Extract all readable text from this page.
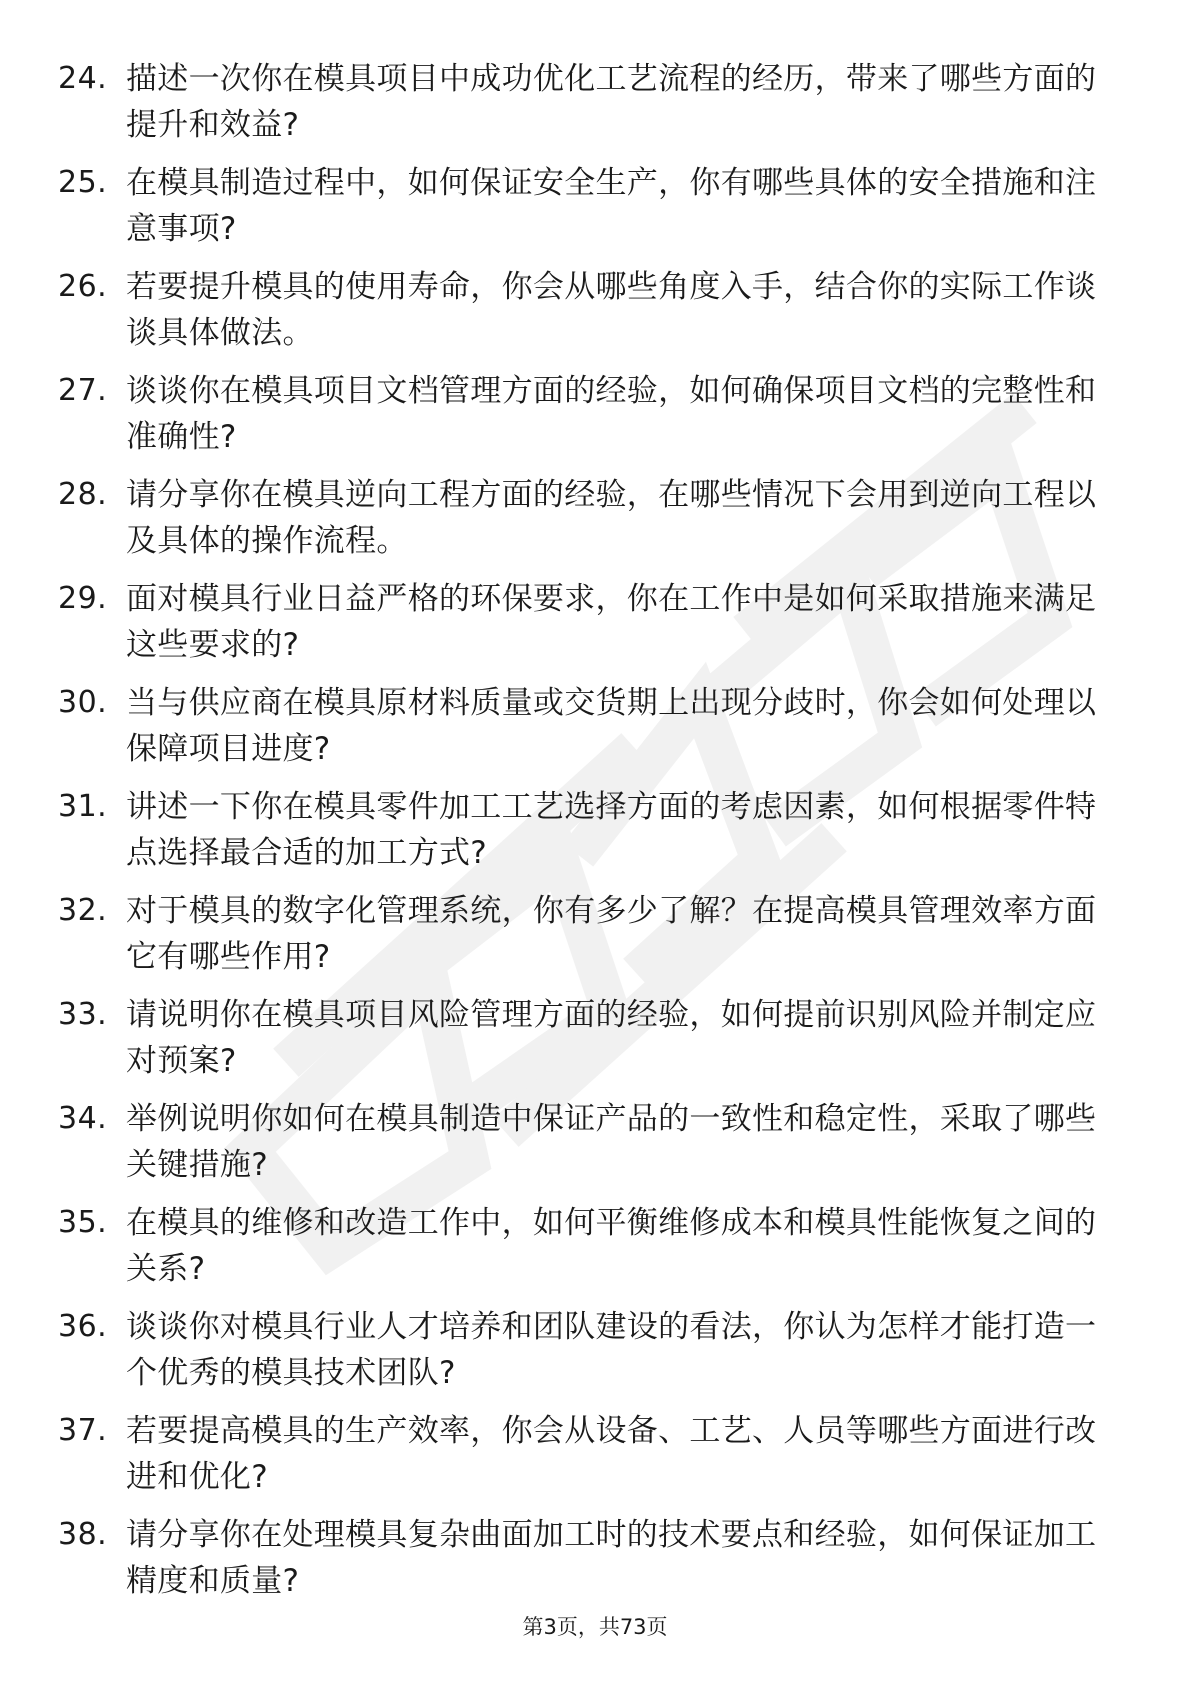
24. 描述一次你在模具项目中成功优化工艺流程的经历，带来了哪些方面的提升和效益?
25. 在模具制造过程中，如何保证安全生产，你有哪些具体的安全措施和注意事项?
26. 若要提升模具的使用寿命，你会从哪些角度入手，结合你的实际工作谈谈具体做法。
27. 谈谈你在模具项目文档管理方面的经验，如何确保项目文档的完整性和准确性?
28. 请分享你在模具逆向工程方面的经验，在哪些情况下会用到逆向工程以及具体的操作流程。
29. 面对模具行业日益严格的环保要求，你在工作中是如何采取措施来满足这些要求的?
30. 当与供应商在模具原材料质量或交货期上出现分歧时，你会如何处理以保障项目进度?
31. 讲述一下你在模具零件加工工艺选择方面的考虑因素，如何根据零件特点选择最合适的加工方式?
32. 对于模具的数字化管理系统，你有多少了解？在提高模具管理效率方面它有哪些作用?
33. 请说明你在模具项目风险管理方面的经验，如何提前识别风险并制定应对预案?
34. 举例说明你如何在模具制造中保证产品的一致性和稳定性，采取了哪些关键措施?
35. 在模具的维修和改造工作中，如何平衡维修成本和模具性能恢复之间的关系?
36. 谈谈你对模具行业人才培养和团队建设的看法，你认为怎样才能打造一个优秀的模具技术团队?
37. 若要提高模具的生产效率，你会从设备、工艺、人员等哪些方面进行改进和优化?
38. 请分享你在处理模具复杂曲面加工时的技术要点和经验，如何保证加工精度和质量?
第3页，共73页
